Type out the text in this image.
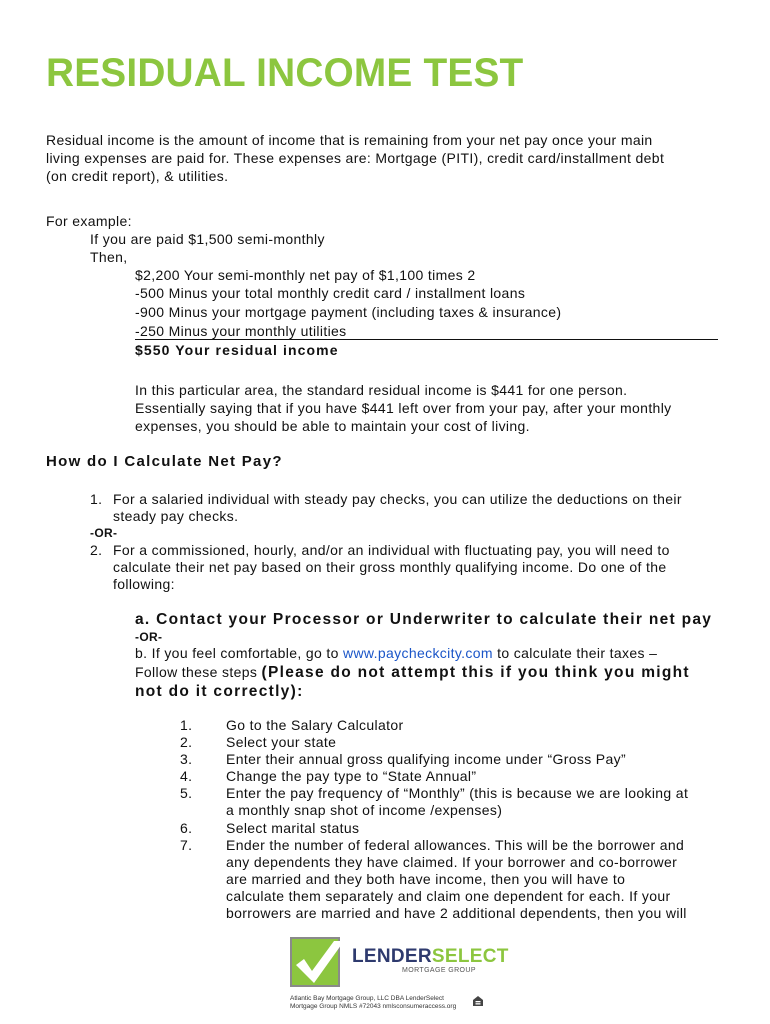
RESIDUAL INCOME TEST
Residual income is the amount of income that is remaining from your net pay once your main
living expenses are paid for. These expenses are: Mortgage (PITI), credit card/installment debt
(on credit report), & utilities.
For example:
If you are paid $1,500 semi-monthly
Then,
$2,200 Your semi-monthly net pay of $1,100 times 2
-500 Minus your total monthly credit card / installment loans
-900 Minus your mortgage payment (including taxes & insurance)
-250 Minus your monthly utilities
$550 Your residual income
In this particular area, the standard residual income is $441 for one person.
Essentially saying that if you have $441 left over from your pay, after your monthly
expenses, you should be able to maintain your cost of living.
How do I Calculate Net Pay?
1. For a salaried individual with steady pay checks, you can utilize the deductions on their
steady pay checks.
-OR-
2. For a commissioned, hourly, and/or an individual with fluctuating pay, you will need to
calculate their net pay based on their gross monthly qualifying income. Do one of the
following:
a. Contact your Processor or Underwriter to calculate their net pay
-OR-
b. If you feel comfortable, go to www.paycheckcity.com to calculate their taxes –
Follow these steps (Please do not attempt this if you think you might
not do it correctly):
1. Go to the Salary Calculator
2. Select your state
3. Enter their annual gross qualifying income under “Gross Pay”
4. Change the pay type to “State Annual”
5. Enter the pay frequency of “Monthly” (this is because we are looking at
a monthly snap shot of income /expenses)
6. Select marital status
7. Ender the number of federal allowances. This will be the borrower and
any dependents they have claimed. If your borrower and co-borrower
are married and they both have income, then you will have to
calculate them separately and claim one dependent for each. If your
borrowers are married and have 2 additional dependents, then you will
LENDERSELECT
MORTGAGE GROUP
Atlantic Bay Mortgage Group, LLC DBA LenderSelect
Mortgage Group NMLS #72043 nmlsconsumeraccess.org
